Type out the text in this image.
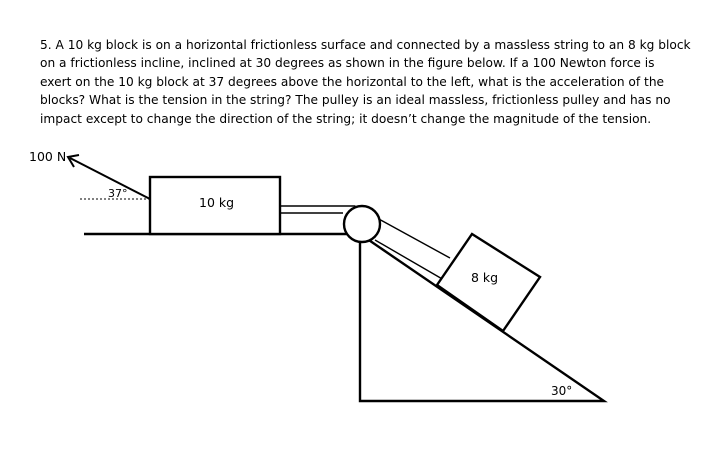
5. A 10 kg block is on a horizontal frictionless surface and connected by a massless string to an 8 kg block
on a frictionless incline, inclined at 30 degrees as shown in the figure below. If a 100 Newton force is
exert on the 10 kg block at 37 degrees above the horizontal to the left, what is the acceleration of the
blocks? What is the tension in the string? The pulley is an ideal massless, frictionless pulley and has no
impact except to change the direction of the string; it doesn’t change the magnitude of the tension.
10 kg
100 N
37°
30°
8 kg
